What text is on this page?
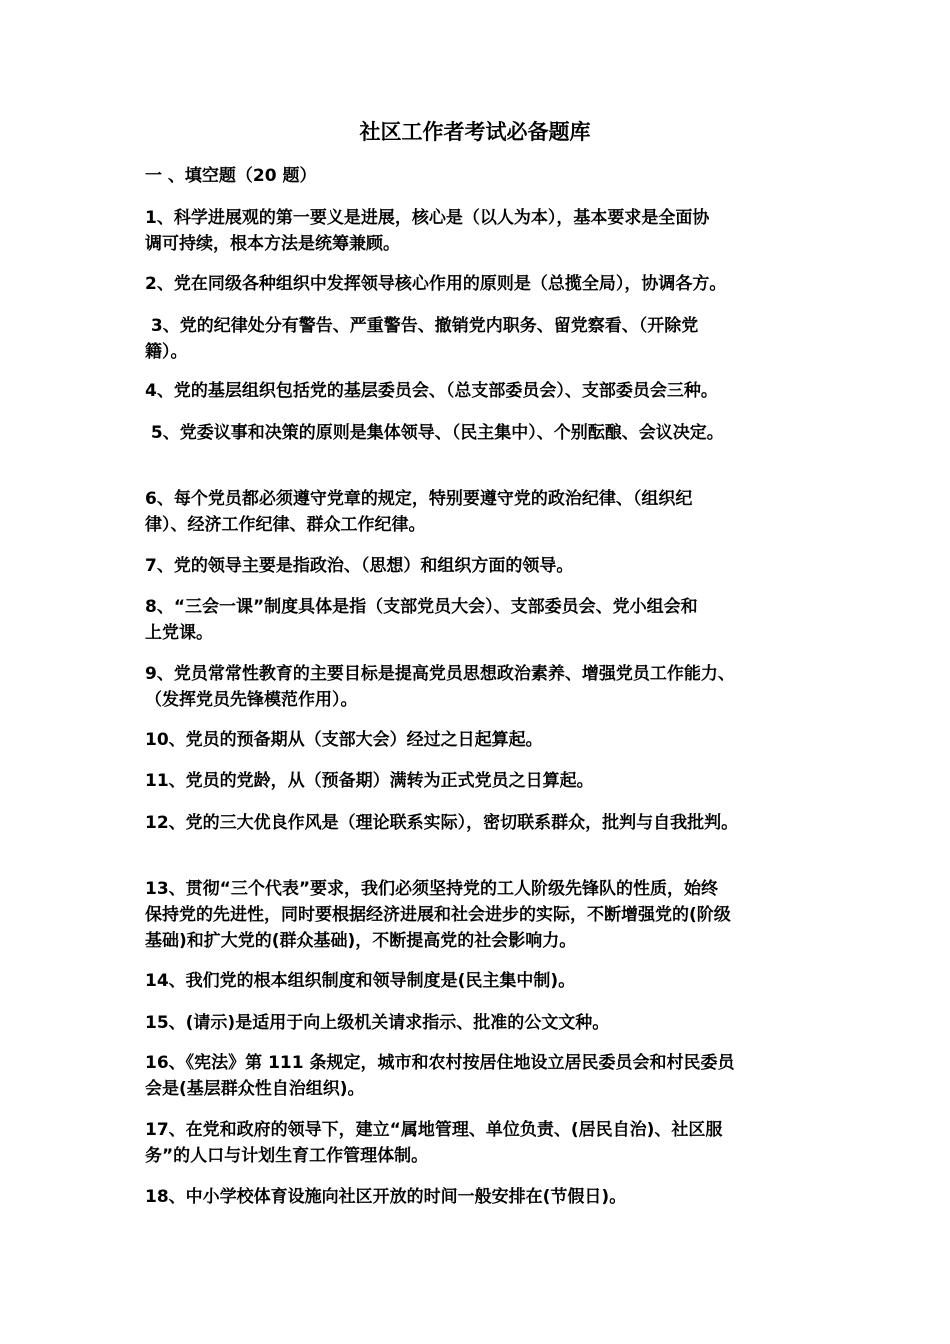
社区工作者考试必备题库
一 、填空题（20 题）
1、科学进展观的第一要义是进展，核心是（以人为本），基本要求是全面协
调可持续，根本方法是统筹兼顾。
2、党在同级各种组织中发挥领导核心作用的原则是（总揽全局），协调各方。
3、党的纪律处分有警告、严重警告、撤销党内职务、留党察看、（开除党
籍）。
4、党的基层组织包括党的基层委员会、（总支部委员会）、支部委员会三种。
5、党委议事和决策的原则是集体领导、（民主集中）、个别酝酿、会议决定。
6、每个党员都必须遵守党章的规定，特别要遵守党的政治纪律、（组织纪
律）、经济工作纪律、群众工作纪律。
7、党的领导主要是指政治、（思想）和组织方面的领导。
8、“三会一课”制度具体是指（支部党员大会）、支部委员会、党小组会和
上党课。
9、党员常常性教育的主要目标是提高党员思想政治素养、增强党员工作能力、
（发挥党员先锋模范作用）。
10、党员的预备期从（支部大会）经过之日起算起。
11、党员的党龄，从（预备期）满转为正式党员之日算起。
12、党的三大优良作风是（理论联系实际），密切联系群众，批判与自我批判。
13、贯彻“三个代表”要求，我们必须坚持党的工人阶级先锋队的性质，始终
保持党的先进性，同时要根据经济进展和社会进步的实际，不断增强党的(阶级
基础)和扩大党的(群众基础)，不断提高党的社会影响力。
14、我们党的根本组织制度和领导制度是(民主集中制)。
15、(请示)是适用于向上级机关请求指示、批准的公文文种。
16、《宪法》第 111 条规定，城市和农村按居住地设立居民委员会和村民委员
会是(基层群众性自治组织)。
17、在党和政府的领导下，建立“属地管理、单位负责、(居民自治)、社区服
务”的人口与计划生育工作管理体制。
18、中小学校体育设施向社区开放的时间一般安排在(节假日)。
